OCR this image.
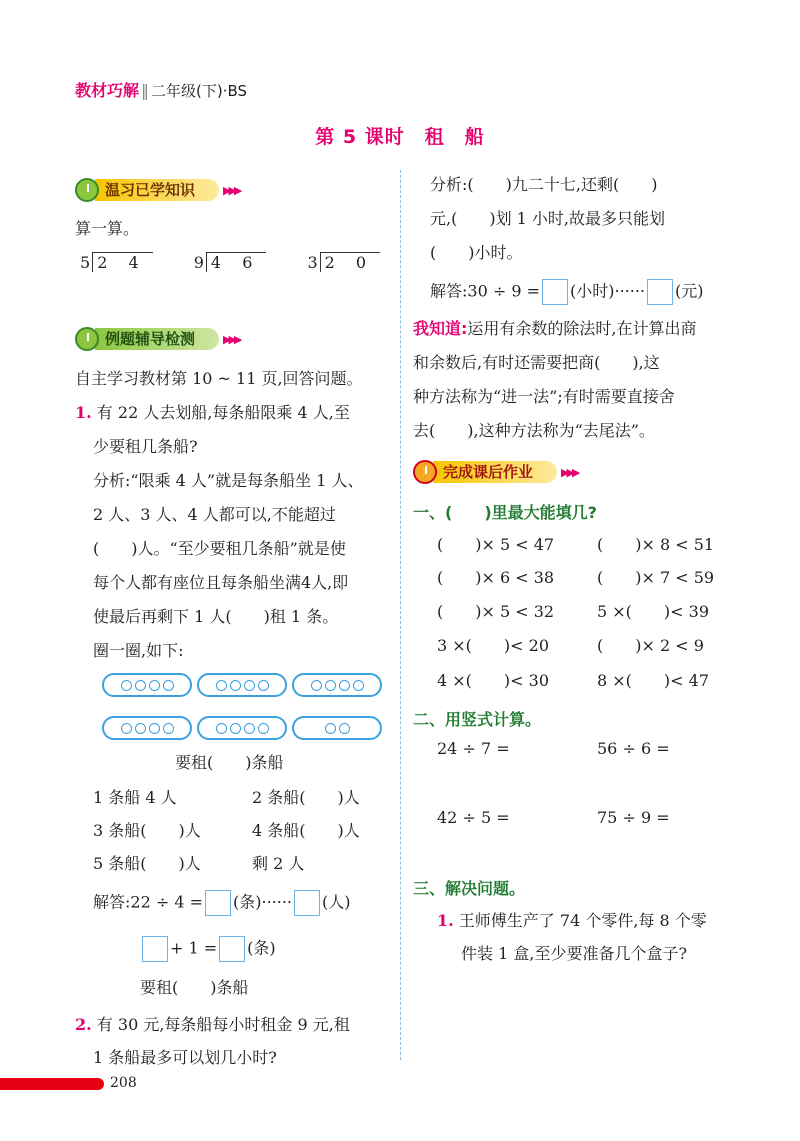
教材巧解 ‖ 二年级(下)·BS
第 5 课时　租　船
温习已学知识	▶▶▶
算一算。
5 2 4	9 4 6	3 2 0
例题辅导检测	▶▶▶
自主学习教材第 10 ~ 11 页,回答问题。
1. 有 22 人去划船,每条船限乘 4 人,至
少要租几条船?
分析:“限乘 4 人”就是每条船坐 1 人、
2 人、3 人、4 人都可以,不能超过
(　　)人。“至少要租几条船”就是使
每个人都有座位且每条船坐满4人,即
使最后再剩下 1 人(　　)租 1 条。
圈一圈,如下:
要租(　　)条船
1 条船 4 人	2 条船(　　)人
3 条船(　　)人	4 条船(　　)人
5 条船(　　)人	剩 2 人
解答:22 ÷ 4 = (条)······ (人)
+ 1 = (条)
要租(　　)条船
2. 有 30 元,每条船每小时租金 9 元,租
1 条船最多可以划几小时?
分析:(　　)九二十七,还剩(　　)
元,(　　)划 1 小时,故最多只能划
(　　)小时。
解答:30 ÷ 9 = (小时)······ (元)
我知道:运用有余数的除法时,在计算出商
和余数后,有时还需要把商(　　),这
种方法称为“进一法”;有时需要直接舍
去(　　),这种方法称为“去尾法”。
完成课后作业	▶▶▶
一、(　　)里最大能填几?
(　　)× 5 < 47	(　　)× 8 < 51
(　　)× 6 < 38	(　　)× 7 < 59
(　　)× 5 < 32	5 ×(　　)< 39
3 ×(　　)< 20	(　　)× 2 < 9
4 ×(　　)< 30	8 ×(　　)< 47
二、用竖式计算。
24 ÷ 7 =	56 ÷ 6 =
42 ÷ 5 =	75 ÷ 9 =
三、解决问题。
1. 王师傅生产了 74 个零件,每 8 个零
件装 1 盒,至少要准备几个盒子?
208
